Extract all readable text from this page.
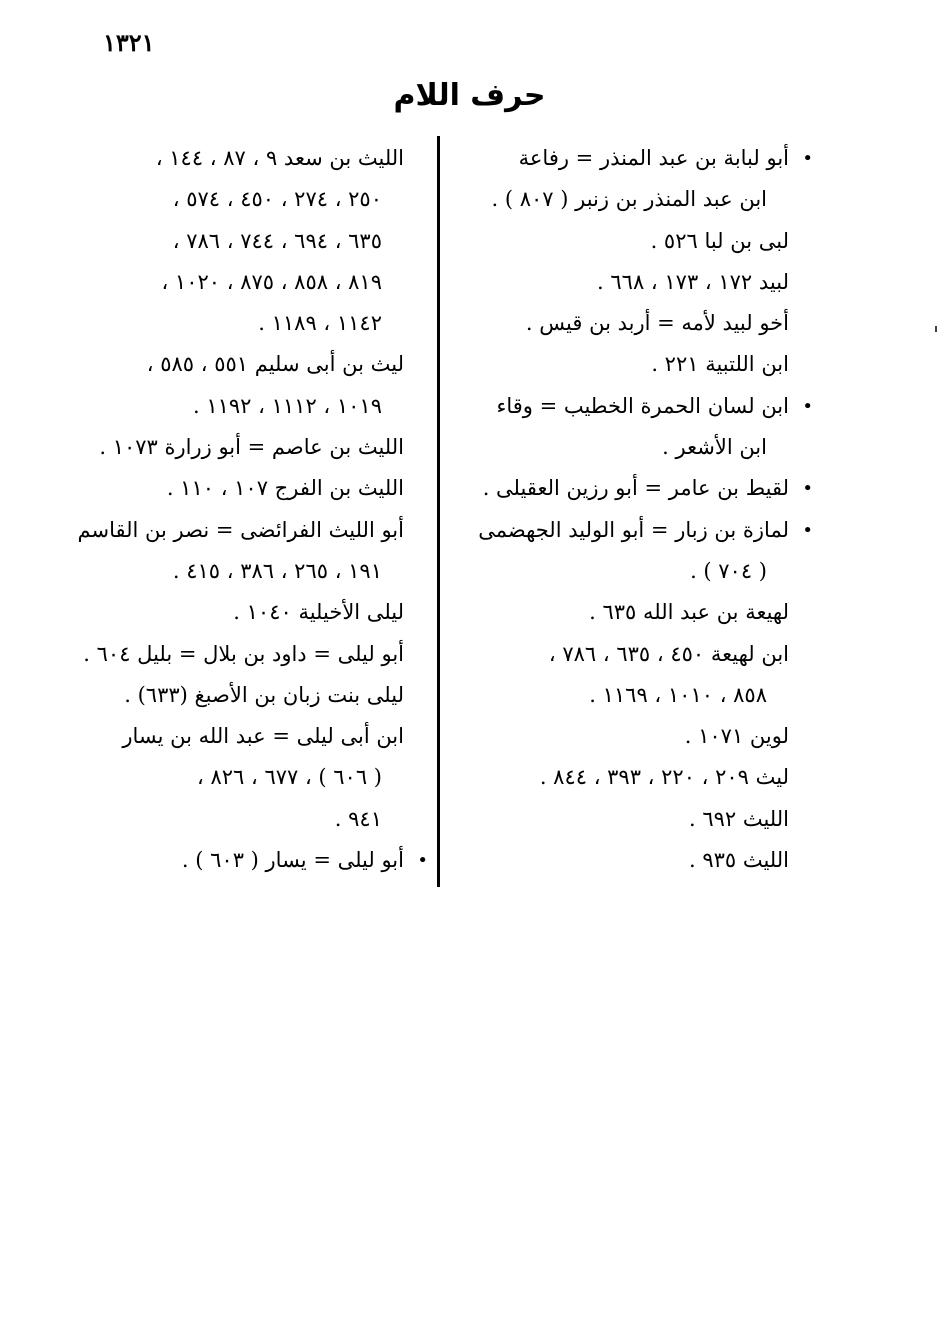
١٣٢١
حرف اللام
• أبو لبابة بن عبد المنذر = رفاعة
ابن عبد المنذر بن زنبر ( ٨٠٧ ) .
لبى بن لبا ٥٢٦ .
لبيد ١٧٢ ، ١٧٣ ، ٦٦٨ .
أخو لبيد لأمه = أربد بن قيس .
ابن اللتبية ٢٢١ .
• ابن لسان الحمرة الخطيب = وقاء
ابن الأشعر .
• لقيط بن عامر = أبو رزين العقيلى .
• لمازة بن زبار = أبو الوليد الجهضمى
( ٧٠٤ ) .
لهيعة بن عبد الله ٦٣٥ .
ابن لهيعة ٤٥٠ ، ٦٣٥ ، ٧٨٦ ،
٨٥٨ ، ١٠١٠ ، ١١٦٩ .
لوين ١٠٧١ .
ليث ٢٠٩ ، ٢٢٠ ، ٣٩٣ ، ٨٤٤ .
الليث ٦٩٢ .
الليث ٩٣٥ .
الليث بن سعد ٩ ، ٨٧ ، ١٤٤ ،
٢٥٠ ، ٢٧٤ ، ٤٥٠ ، ٥٧٤ ،
٦٣٥ ، ٦٩٤ ، ٧٤٤ ، ٧٨٦ ،
٨١٩ ، ٨٥٨ ، ٨٧٥ ، ١٠٢٠ ،
١١٤٢ ، ١١٨٩ .
ليث بن أبى سليم ٥٥١ ، ٥٨٥ ،
١٠١٩ ، ١١١٢ ، ١١٩٢ .
الليث بن عاصم = أبو زرارة ١٠٧٣ .
الليث بن الفرج ١٠٧ ، ١١٠ .
أبو الليث الفرائضى = نصر بن القاسم
١٩١ ، ٢٦٥ ، ٣٨٦ ، ٤١٥ .
ليلى الأخيلية ١٠٤٠ .
أبو ليلى = داود بن بلال = بليل ٦٠٤ .
ليلى بنت زبان بن الأصبغ (٦٣٣) .
ابن أبى ليلى = عبد الله بن يسار
( ٦٠٦ ) ، ٦٧٧ ، ٨٢٦ ،
٩٤١ .
• أبو ليلى = يسار ( ٦٠٣ ) .
